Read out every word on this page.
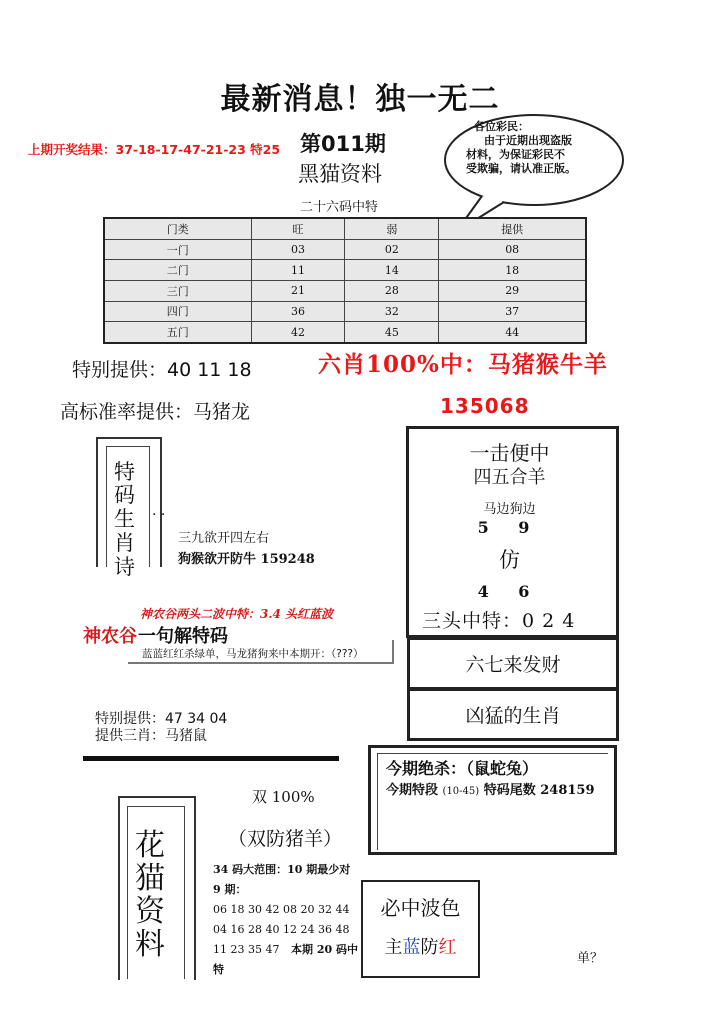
最新消息！独一无二
上期开奖结果：37-18-17-47-21-23 特25 第011期
黑猫资料
二十六码中特
各位彩民：
由于近期出现盗版
材料，为保证彩民不
受欺骗，请认准正版。
门类	旺	弱	提供
一门	03	02	08
二门	11	14	18
三门	21	28	29
四门	36	32	37
五门	42	45	44
特别提供：40 11 18	六肖100%中：马猪猴牛羊
高标准率提供：马猪龙	135068
特
码
生
肖
诗
. .
三九欲开四左右
狗猴欲开防牛 159248
一击便中
四五合羊
马边狗边
5 9
仿
4 6
三头中特：0 2 4
六七来发财
凶猛的生肖
神农谷两头二波中特：3.4 头红蓝波
神农谷 一句解特码
蓝蓝红红杀绿单，马龙猪狗来中本期开：（???）
特别提供：47 34 04
提供三肖：马猪鼠
今期绝杀：（鼠蛇兔）
今期特段 (10-45) 特码尾数 248159
双 100%
（双防猪羊）
花
猫
资
料
34 码大范围：10 期最少对
9 期：
06 18 30 42 08 20 32 44
04 16 28 40 12 24 36 48
11 23 35 47 本期 20 码中
特
必中波色
主蓝防红
单？
